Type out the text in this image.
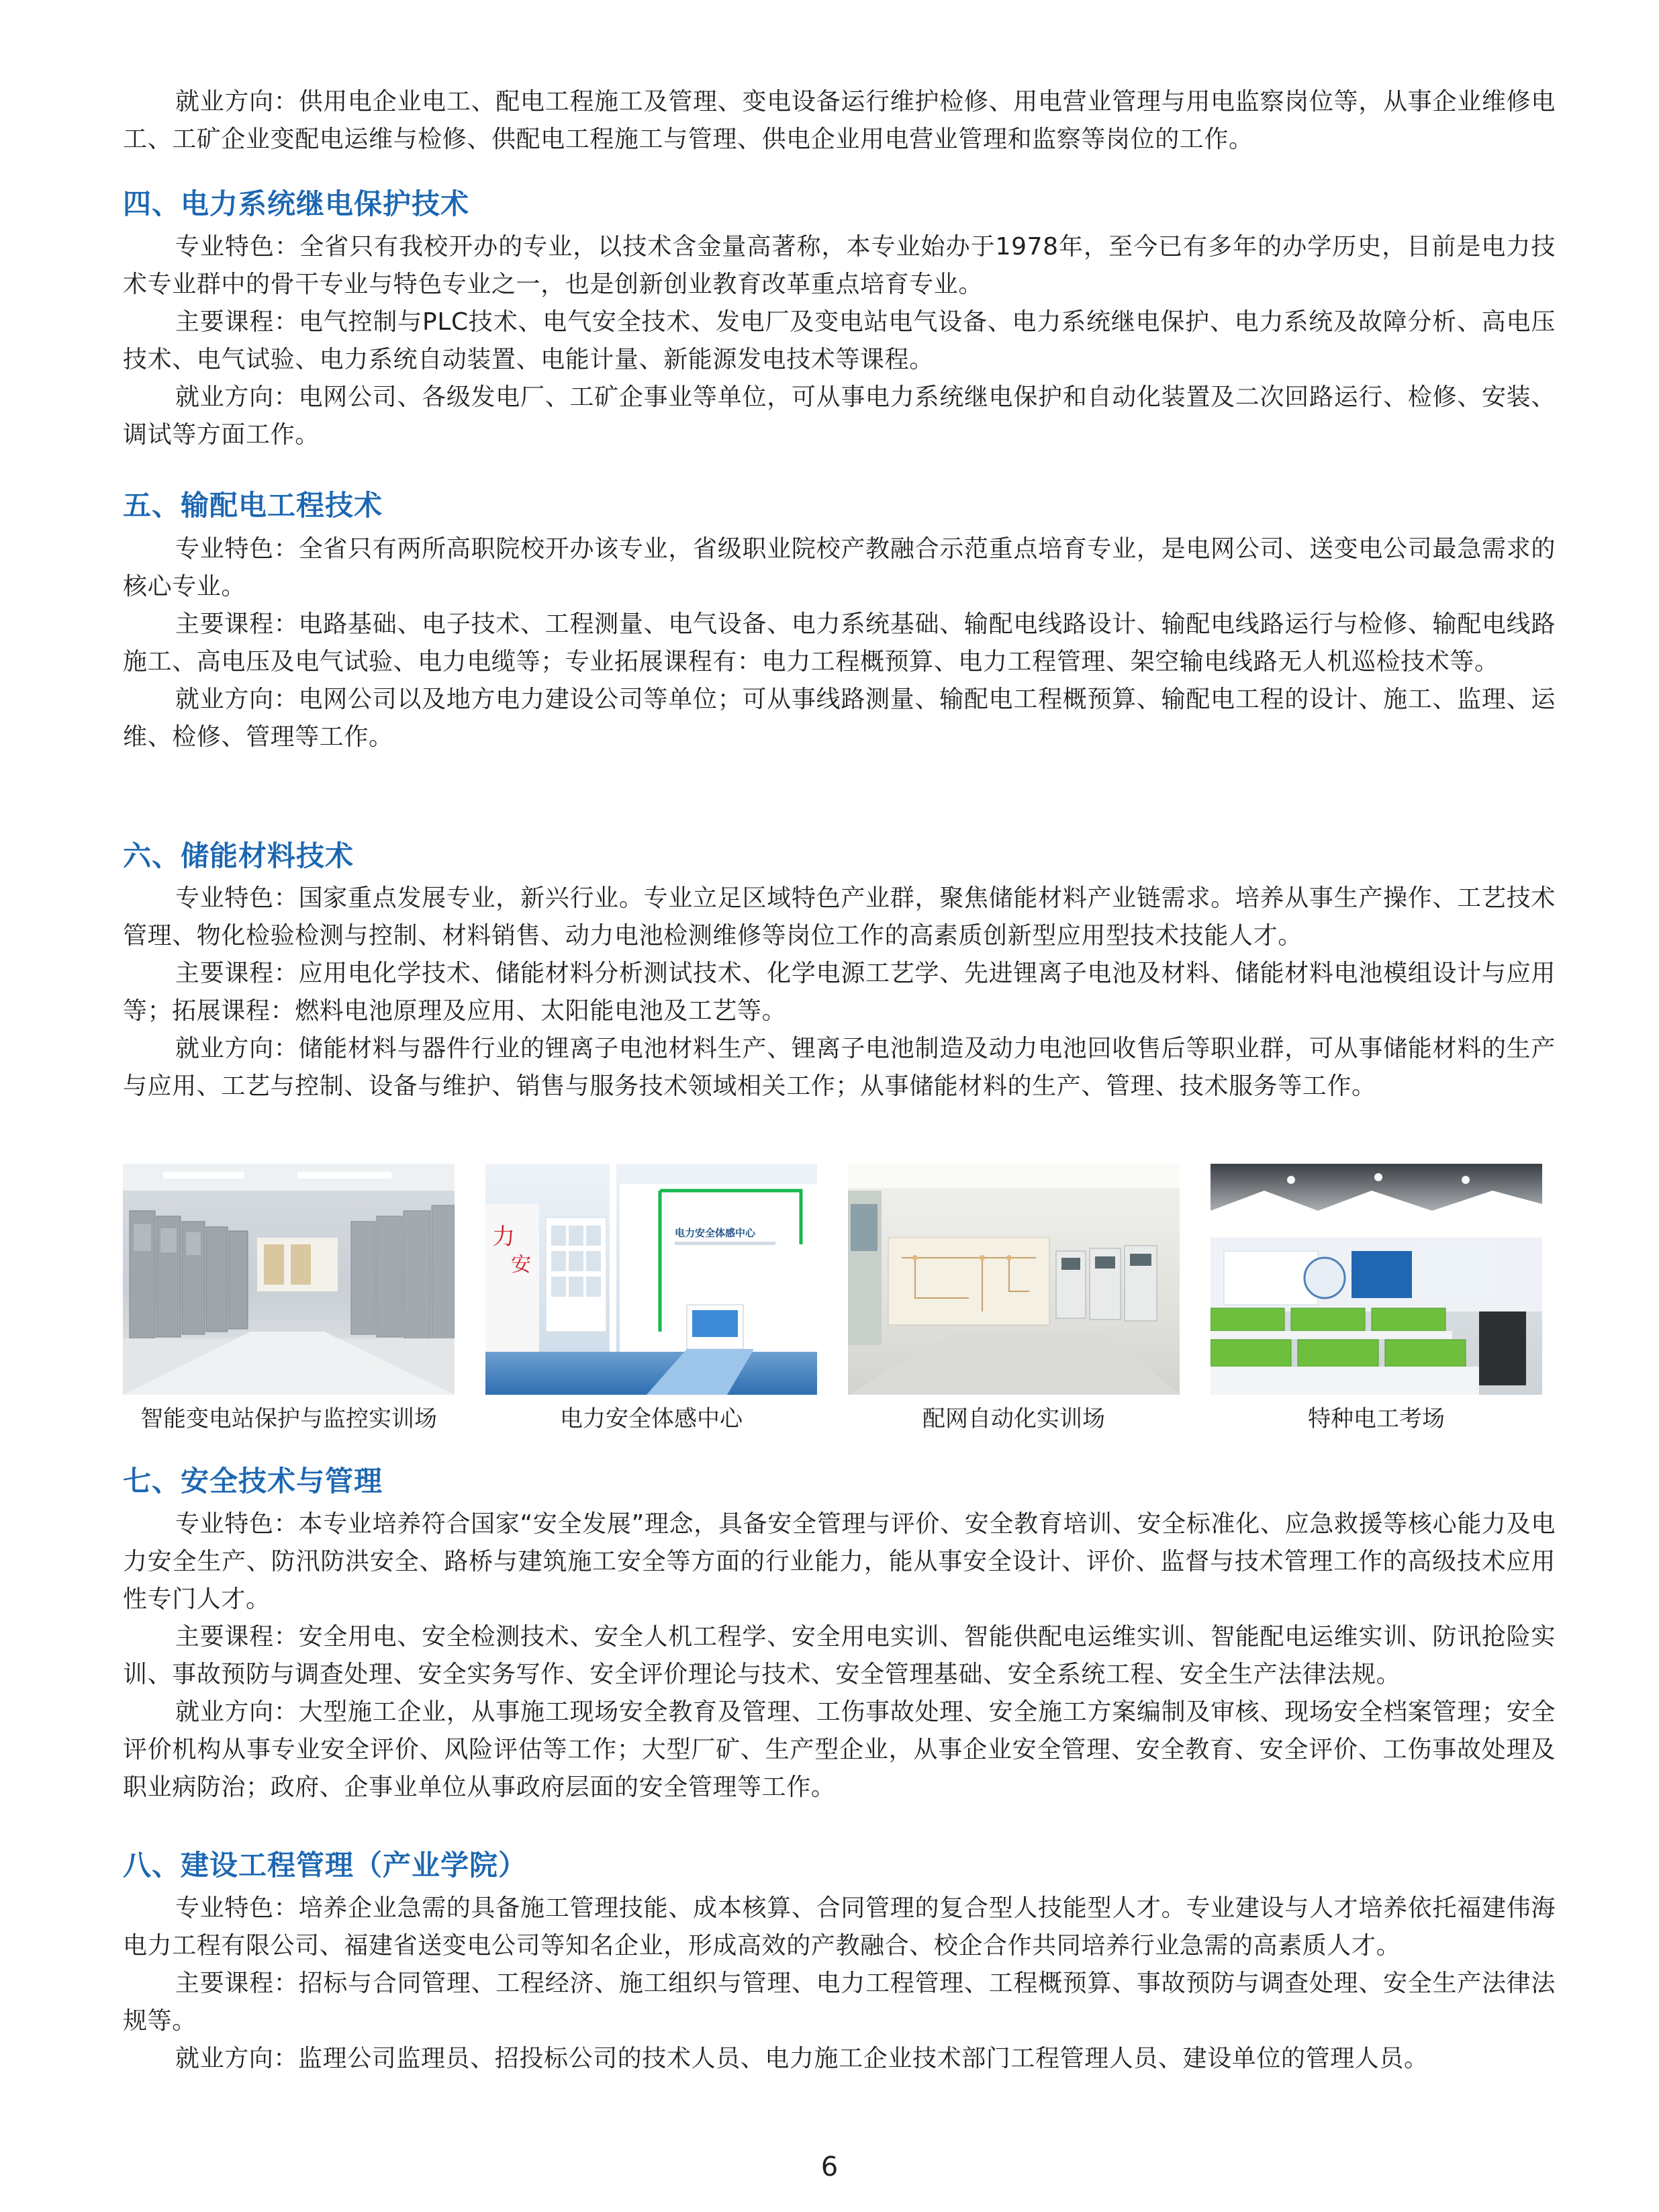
就业方向：供用电企业电工、配电工程施工及管理、变电设备运行维护检修、用电营业管理与用电监察岗位等，从事企业维修电工、工矿企业变配电运维与检修、供配电工程施工与管理、供电企业用电营业管理和监察等岗位的工作。

四、电力系统继电保护技术

专业特色：全省只有我校开办的专业，以技术含金量高著称，本专业始办于1978年，至今已有多年的办学历史，目前是电力技术专业群中的骨干专业与特色专业之一，也是创新创业教育改革重点培育专业。

主要课程：电气控制与PLC技术、电气安全技术、发电厂及变电站电气设备、电力系统继电保护、电力系统及故障分析、高电压技术、电气试验、电力系统自动装置、电能计量、新能源发电技术等课程。

就业方向：电网公司、各级发电厂、工矿企事业等单位，可从事电力系统继电保护和自动化装置及二次回路运行、检修、安装、调试等方面工作。

五、输配电工程技术

专业特色：全省只有两所高职院校开办该专业，省级职业院校产教融合示范重点培育专业，是电网公司、送变电公司最急需求的核心专业。

主要课程：电路基础、电子技术、工程测量、电气设备、电力系统基础、输配电线路设计、输配电线路运行与检修、输配电线路施工、高电压及电气试验、电力电缆等；专业拓展课程有：电力工程概预算、电力工程管理、架空输电线路无人机巡检技术等。

就业方向：电网公司以及地方电力建设公司等单位；可从事线路测量、输配电工程概预算、输配电工程的设计、施工、监理、运维、检修、管理等工作。

六、储能材料技术

专业特色：国家重点发展专业，新兴行业。专业立足区域特色产业群，聚焦储能材料产业链需求。培养从事生产操作、工艺技术管理、物化检验检测与控制、材料销售、动力电池检测维修等岗位工作的高素质创新型应用型技术技能人才。

主要课程：应用电化学技术、储能材料分析测试技术、化学电源工艺学、先进锂离子电池及材料、储能材料电池模组设计与应用等；拓展课程：燃料电池原理及应用、太阳能电池及工艺等。

就业方向：储能材料与器件行业的锂离子电池材料生产、锂离子电池制造及动力电池回收售后等职业群，可从事储能材料的生产与应用、工艺与控制、设备与维护、销售与服务技术领域相关工作；从事储能材料的生产、管理、技术服务等工作。

智能变电站保护与监控实训场
力
安
电力安全体感中心
电力安全体感中心	配网自动化实训场	特种电工考场
七、安全技术与管理

专业特色：本专业培养符合国家“安全发展”理念，具备安全管理与评价、安全教育培训、安全标准化、应急救援等核心能力及电力安全生产、防汛防洪安全、路桥与建筑施工安全等方面的行业能力，能从事安全设计、评价、监督与技术管理工作的高级技术应用性专门人才。

主要课程：安全用电、安全检测技术、安全人机工程学、安全用电实训、智能供配电运维实训、智能配电运维实训、防讯抢险实训、事故预防与调查处理、安全实务写作、安全评价理论与技术、安全管理基础、安全系统工程、安全生产法律法规。

就业方向：大型施工企业，从事施工现场安全教育及管理、工伤事故处理、安全施工方案编制及审核、现场安全档案管理；安全评价机构从事专业安全评价、风险评估等工作；大型厂矿、生产型企业，从事企业安全管理、安全教育、安全评价、工伤事故处理及职业病防治；政府、企事业单位从事政府层面的安全管理等工作。

八、建设工程管理（产业学院）

专业特色：培养企业急需的具备施工管理技能、成本核算、合同管理的复合型人技能型人才。专业建设与人才培养依托福建伟海电力工程有限公司、福建省送变电公司等知名企业，形成高效的产教融合、校企合作共同培养行业急需的高素质人才。

主要课程：招标与合同管理、工程经济、施工组织与管理、电力工程管理、工程概预算、事故预防与调查处理、安全生产法律法规等。

就业方向：监理公司监理员、招投标公司的技术人员、电力施工企业技术部门工程管理人员、建设单位的管理人员。

6
